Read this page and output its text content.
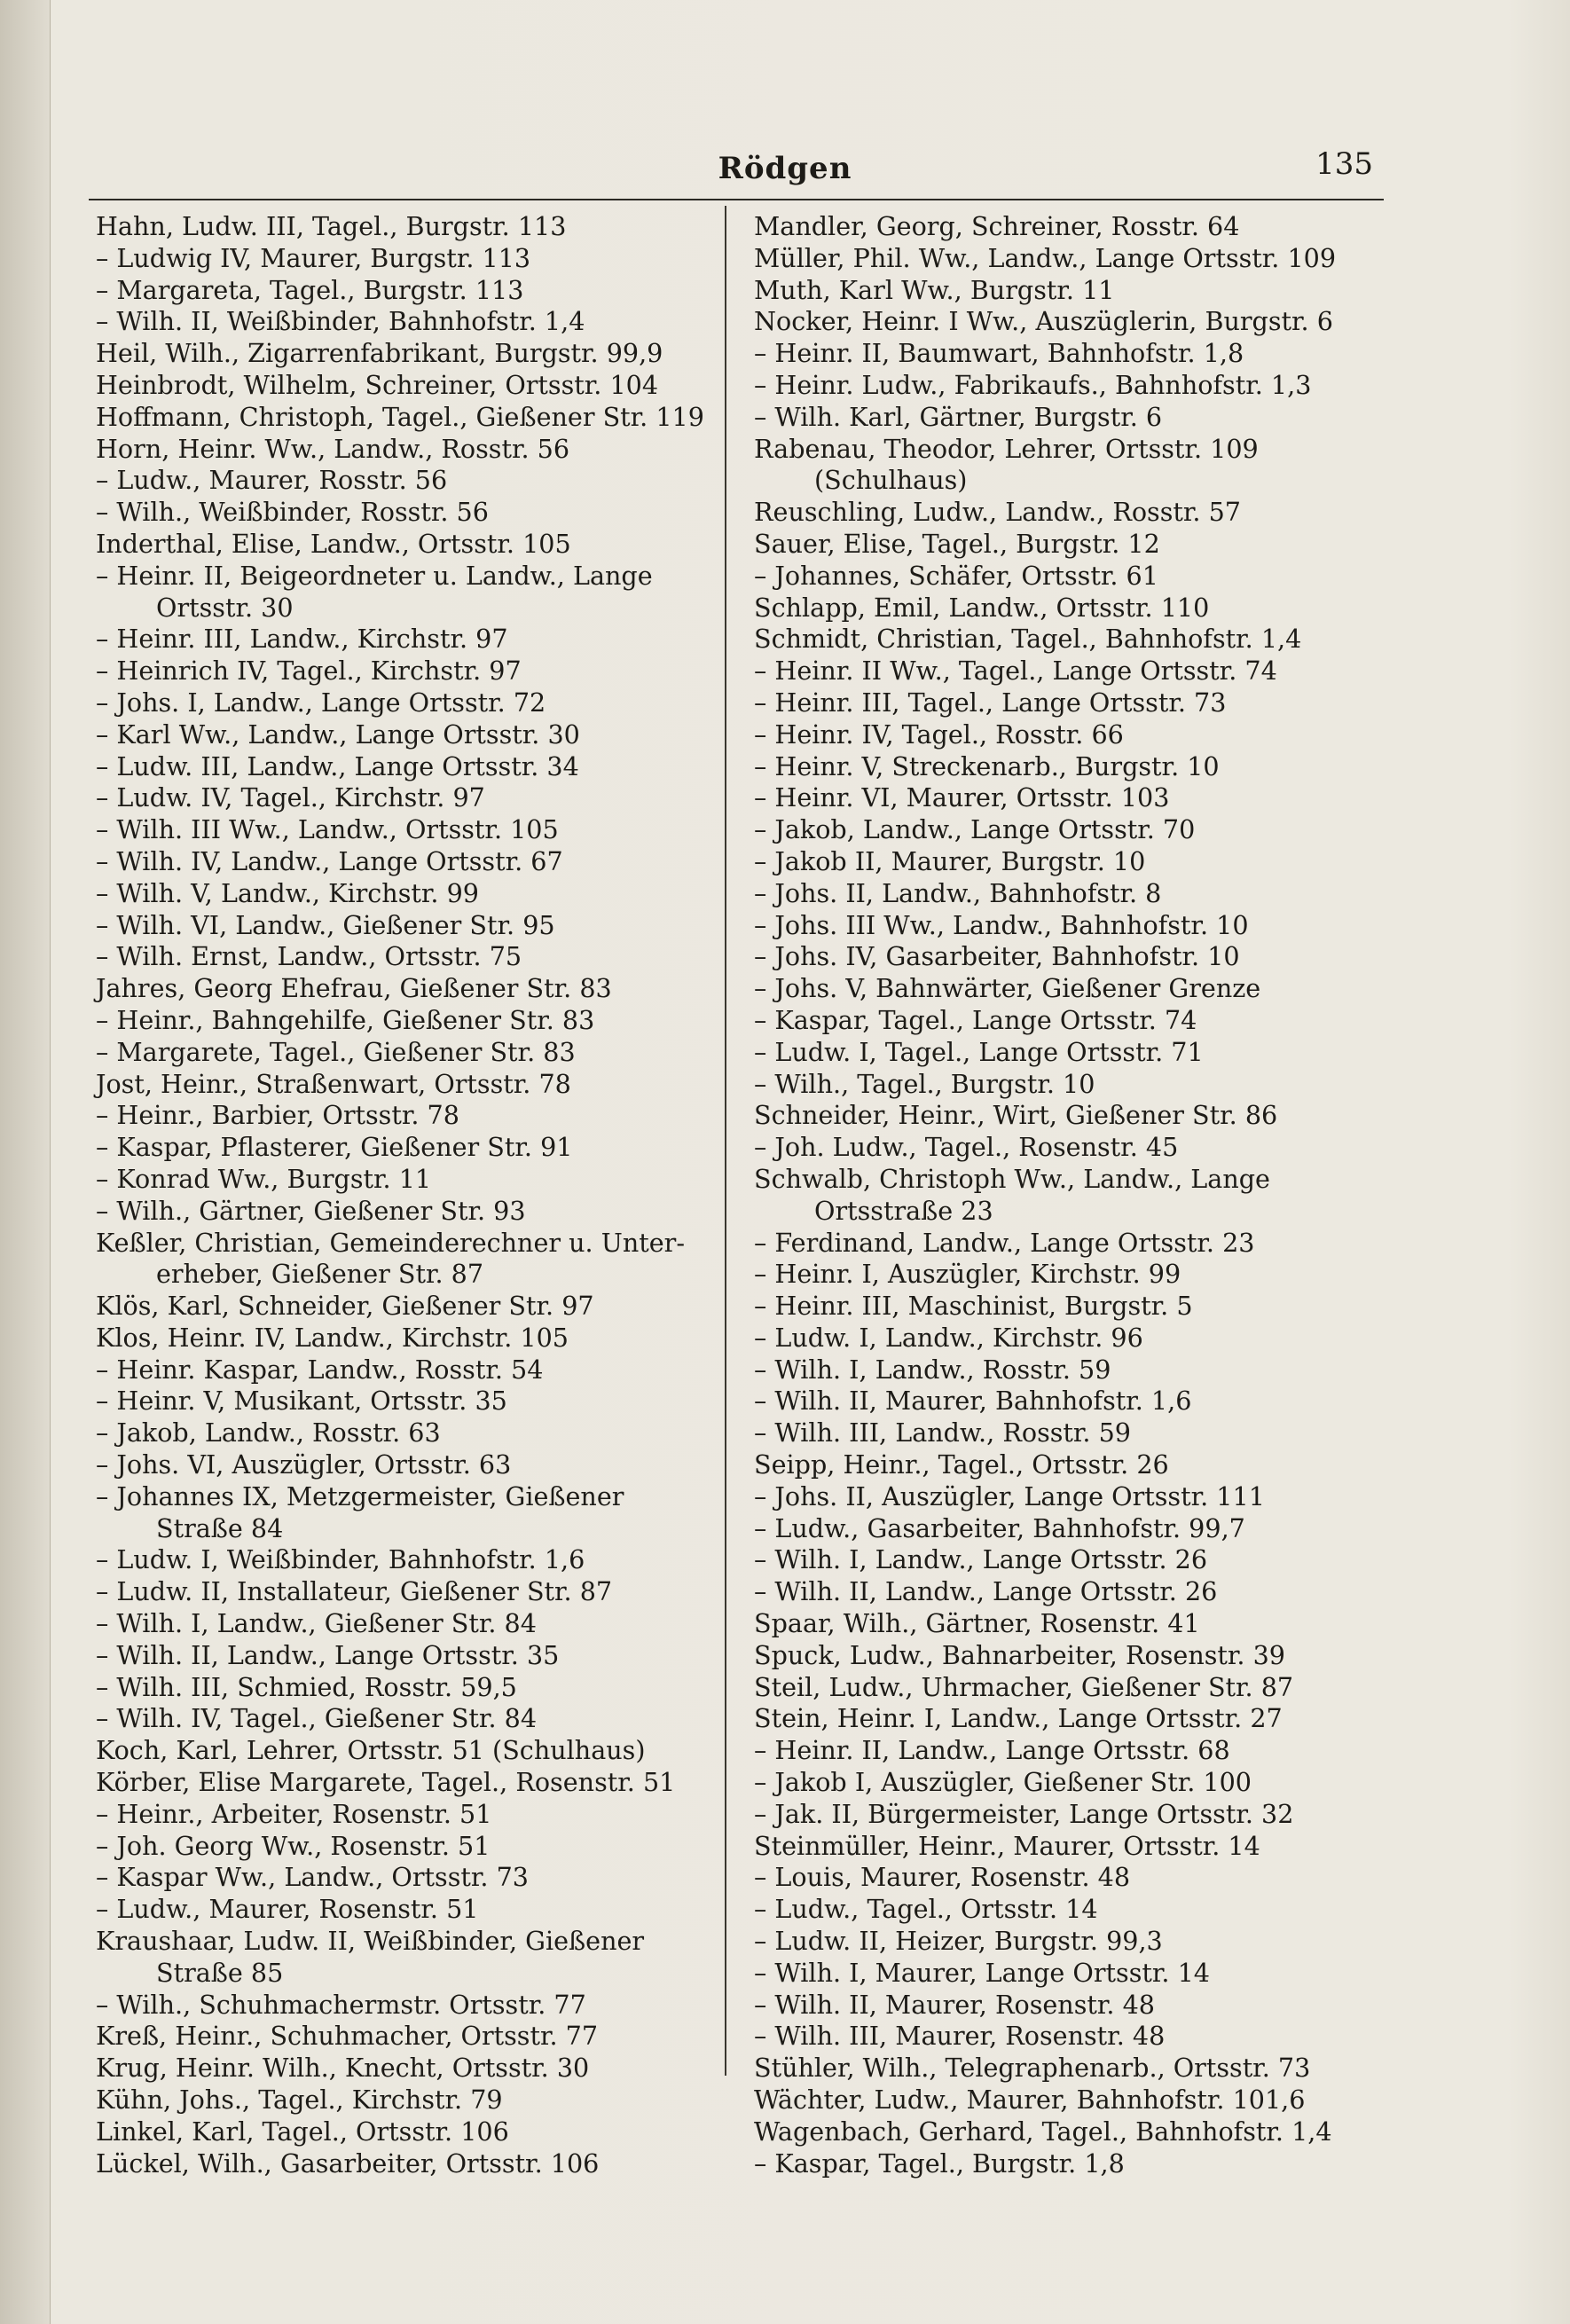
Rödgen	135
Hahn, Ludw. III, Tagel., Burgstr. 113
– Ludwig IV, Maurer, Burgstr. 113
– Margareta, Tagel., Burgstr. 113
– Wilh. II, Weißbinder, Bahnhofstr. 1,4
Heil, Wilh., Zigarrenfabrikant, Burgstr. 99,9
Heinbrodt, Wilhelm, Schreiner, Ortsstr. 104
Hoffmann, Christoph, Tagel., Gießener Str. 119
Horn, Heinr. Ww., Landw., Rosstr. 56
– Ludw., Maurer, Rosstr. 56
– Wilh., Weißbinder, Rosstr. 56
Inderthal, Elise, Landw., Ortsstr. 105
– Heinr. II, Beigeordneter u. Landw., Lange
Ortsstr. 30
– Heinr. III, Landw., Kirchstr. 97
– Heinrich IV, Tagel., Kirchstr. 97
– Johs. I, Landw., Lange Ortsstr. 72
– Karl Ww., Landw., Lange Ortsstr. 30
– Ludw. III, Landw., Lange Ortsstr. 34
– Ludw. IV, Tagel., Kirchstr. 97
– Wilh. III Ww., Landw., Ortsstr. 105
– Wilh. IV, Landw., Lange Ortsstr. 67
– Wilh. V, Landw., Kirchstr. 99
– Wilh. VI, Landw., Gießener Str. 95
– Wilh. Ernst, Landw., Ortsstr. 75
Jahres, Georg Ehefrau, Gießener Str. 83
– Heinr., Bahngehilfe, Gießener Str. 83
– Margarete, Tagel., Gießener Str. 83
Jost, Heinr., Straßenwart, Ortsstr. 78
– Heinr., Barbier, Ortsstr. 78
– Kaspar, Pflasterer, Gießener Str. 91
– Konrad Ww., Burgstr. 11
– Wilh., Gärtner, Gießener Str. 93
Keßler, Christian, Gemeinderechner u. Unter-
erheber, Gießener Str. 87
Klös, Karl, Schneider, Gießener Str. 97
Klos, Heinr. IV, Landw., Kirchstr. 105
– Heinr. Kaspar, Landw., Rosstr. 54
– Heinr. V, Musikant, Ortsstr. 35
– Jakob, Landw., Rosstr. 63
– Johs. VI, Auszügler, Ortsstr. 63
– Johannes IX, Metzgermeister, Gießener
Straße 84
– Ludw. I, Weißbinder, Bahnhofstr. 1,6
– Ludw. II, Installateur, Gießener Str. 87
– Wilh. I, Landw., Gießener Str. 84
– Wilh. II, Landw., Lange Ortsstr. 35
– Wilh. III, Schmied, Rosstr. 59,5
– Wilh. IV, Tagel., Gießener Str. 84
Koch, Karl, Lehrer, Ortsstr. 51 (Schulhaus)
Körber, Elise Margarete, Tagel., Rosenstr. 51
– Heinr., Arbeiter, Rosenstr. 51
– Joh. Georg Ww., Rosenstr. 51
– Kaspar Ww., Landw., Ortsstr. 73
– Ludw., Maurer, Rosenstr. 51
Kraushaar, Ludw. II, Weißbinder, Gießener
Straße 85
– Wilh., Schuhmachermstr. Ortsstr. 77
Kreß, Heinr., Schuhmacher, Ortsstr. 77
Krug, Heinr. Wilh., Knecht, Ortsstr. 30
Kühn, Johs., Tagel., Kirchstr. 79
Linkel, Karl, Tagel., Ortsstr. 106
Lückel, Wilh., Gasarbeiter, Ortsstr. 106
Mandler, Georg, Schreiner, Rosstr. 64
Müller, Phil. Ww., Landw., Lange Ortsstr. 109
Muth, Karl Ww., Burgstr. 11
Nocker, Heinr. I Ww., Auszüglerin, Burgstr. 6
– Heinr. II, Baumwart, Bahnhofstr. 1,8
– Heinr. Ludw., Fabrikaufs., Bahnhofstr. 1,3
– Wilh. Karl, Gärtner, Burgstr. 6
Rabenau, Theodor, Lehrer, Ortsstr. 109
(Schulhaus)
Reuschling, Ludw., Landw., Rosstr. 57
Sauer, Elise, Tagel., Burgstr. 12
– Johannes, Schäfer, Ortsstr. 61
Schlapp, Emil, Landw., Ortsstr. 110
Schmidt, Christian, Tagel., Bahnhofstr. 1,4
– Heinr. II Ww., Tagel., Lange Ortsstr. 74
– Heinr. III, Tagel., Lange Ortsstr. 73
– Heinr. IV, Tagel., Rosstr. 66
– Heinr. V, Streckenarb., Burgstr. 10
– Heinr. VI, Maurer, Ortsstr. 103
– Jakob, Landw., Lange Ortsstr. 70
– Jakob II, Maurer, Burgstr. 10
– Johs. II, Landw., Bahnhofstr. 8
– Johs. III Ww., Landw., Bahnhofstr. 10
– Johs. IV, Gasarbeiter, Bahnhofstr. 10
– Johs. V, Bahnwärter, Gießener Grenze
– Kaspar, Tagel., Lange Ortsstr. 74
– Ludw. I, Tagel., Lange Ortsstr. 71
– Wilh., Tagel., Burgstr. 10
Schneider, Heinr., Wirt, Gießener Str. 86
– Joh. Ludw., Tagel., Rosenstr. 45
Schwalb, Christoph Ww., Landw., Lange
Ortsstraße 23
– Ferdinand, Landw., Lange Ortsstr. 23
– Heinr. I, Auszügler, Kirchstr. 99
– Heinr. III, Maschinist, Burgstr. 5
– Ludw. I, Landw., Kirchstr. 96
– Wilh. I, Landw., Rosstr. 59
– Wilh. II, Maurer, Bahnhofstr. 1,6
– Wilh. III, Landw., Rosstr. 59
Seipp, Heinr., Tagel., Ortsstr. 26
– Johs. II, Auszügler, Lange Ortsstr. 111
– Ludw., Gasarbeiter, Bahnhofstr. 99,7
– Wilh. I, Landw., Lange Ortsstr. 26
– Wilh. II, Landw., Lange Ortsstr. 26
Spaar, Wilh., Gärtner, Rosenstr. 41
Spuck, Ludw., Bahnarbeiter, Rosenstr. 39
Steil, Ludw., Uhrmacher, Gießener Str. 87
Stein, Heinr. I, Landw., Lange Ortsstr. 27
– Heinr. II, Landw., Lange Ortsstr. 68
– Jakob I, Auszügler, Gießener Str. 100
– Jak. II, Bürgermeister, Lange Ortsstr. 32
Steinmüller, Heinr., Maurer, Ortsstr. 14
– Louis, Maurer, Rosenstr. 48
– Ludw., Tagel., Ortsstr. 14
– Ludw. II, Heizer, Burgstr. 99,3
– Wilh. I, Maurer, Lange Ortsstr. 14
– Wilh. II, Maurer, Rosenstr. 48
– Wilh. III, Maurer, Rosenstr. 48
Stühler, Wilh., Telegraphenarb., Ortsstr. 73
Wächter, Ludw., Maurer, Bahnhofstr. 101,6
Wagenbach, Gerhard, Tagel., Bahnhofstr. 1,4
– Kaspar, Tagel., Burgstr. 1,8
